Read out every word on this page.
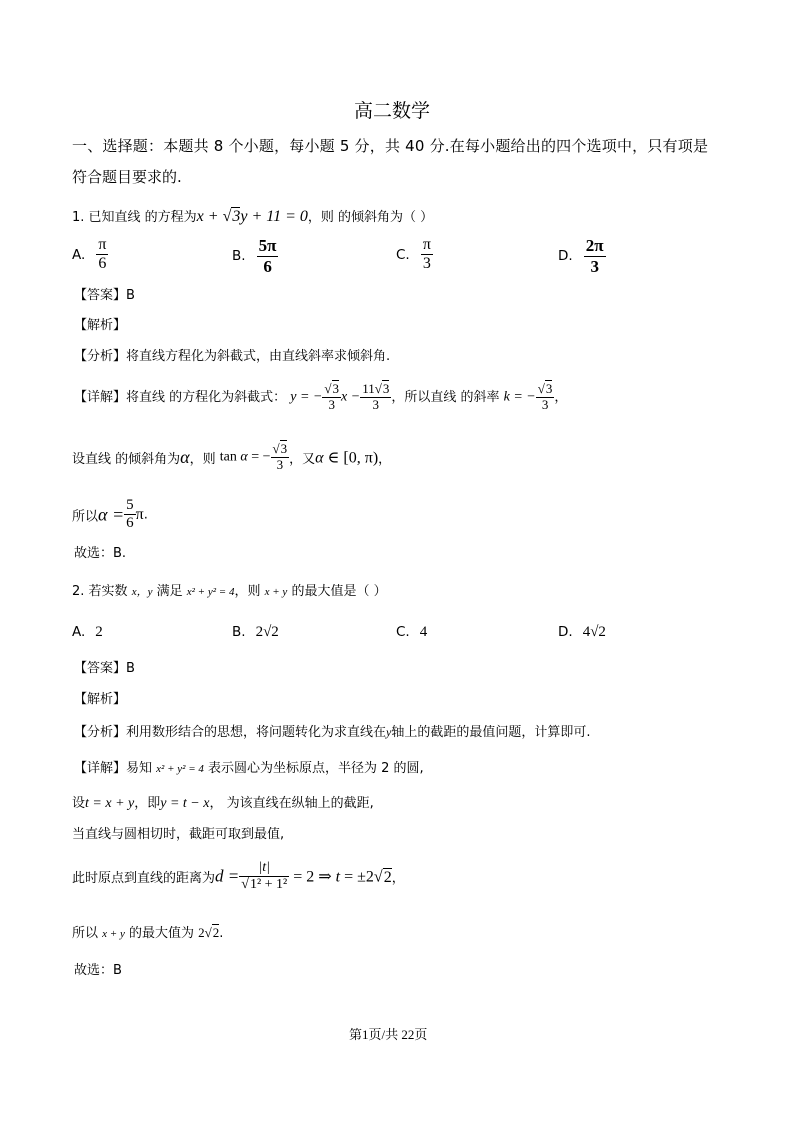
高二数学
一、选择题：本题共 8 个小题，每小题 5 分，共 40 分.在每小题给出的四个选项中，只有项是
符合题目要求的.
1. 已知直线 的方程为x + √3y + 11 = 0，则 的倾斜角为（ ）
A. $\frac{\pi}{6}$	B. $\frac{5\pi}{6}$	C. $\frac{\pi}{3}$	D. $\frac{2\pi}{3}$
【答案】B
【解析】
【分析】将直线方程化为斜截式，由直线斜率求倾斜角.
【详解】将直线 的方程化为斜截式： y = − $\frac{√3}{3}$ $x - \frac{11√3}{3}$ ，所以直线 的斜率 k = − $\frac{√3}{3}$ ，
设直线 的倾斜角为α，则 tan α = − $\frac{√3}{3}$ ，又α ∈ [0, π)，
所以$\alpha = \frac{5}{6} \pi$.
故选：B.
2. 若实数 x，y 满足 x² + y² = 4，则 x + y 的最大值是（ ）
A. 2	B. 2√2	C. 4	D. 4√2
【答案】B
【解析】
【分析】利用数形结合的思想，将问题转化为求直线在y轴上的截距的最值问题，计算即可.
【详解】易知 x² + y² = 4 表示圆心为坐标原点，半径为 2 的圆,
设t = x + y，即y = t − x， 为该直线在纵轴上的截距,
当直线与圆相切时，截距可取到最值,
此时原点到直线的距离为$d = \frac{|t|}{\text{√1² + 1²}} = 2$ ⇒ t = ±2√2，
所以 x + y 的最大值为 2√2.
故选：B
第1页/共 22页
